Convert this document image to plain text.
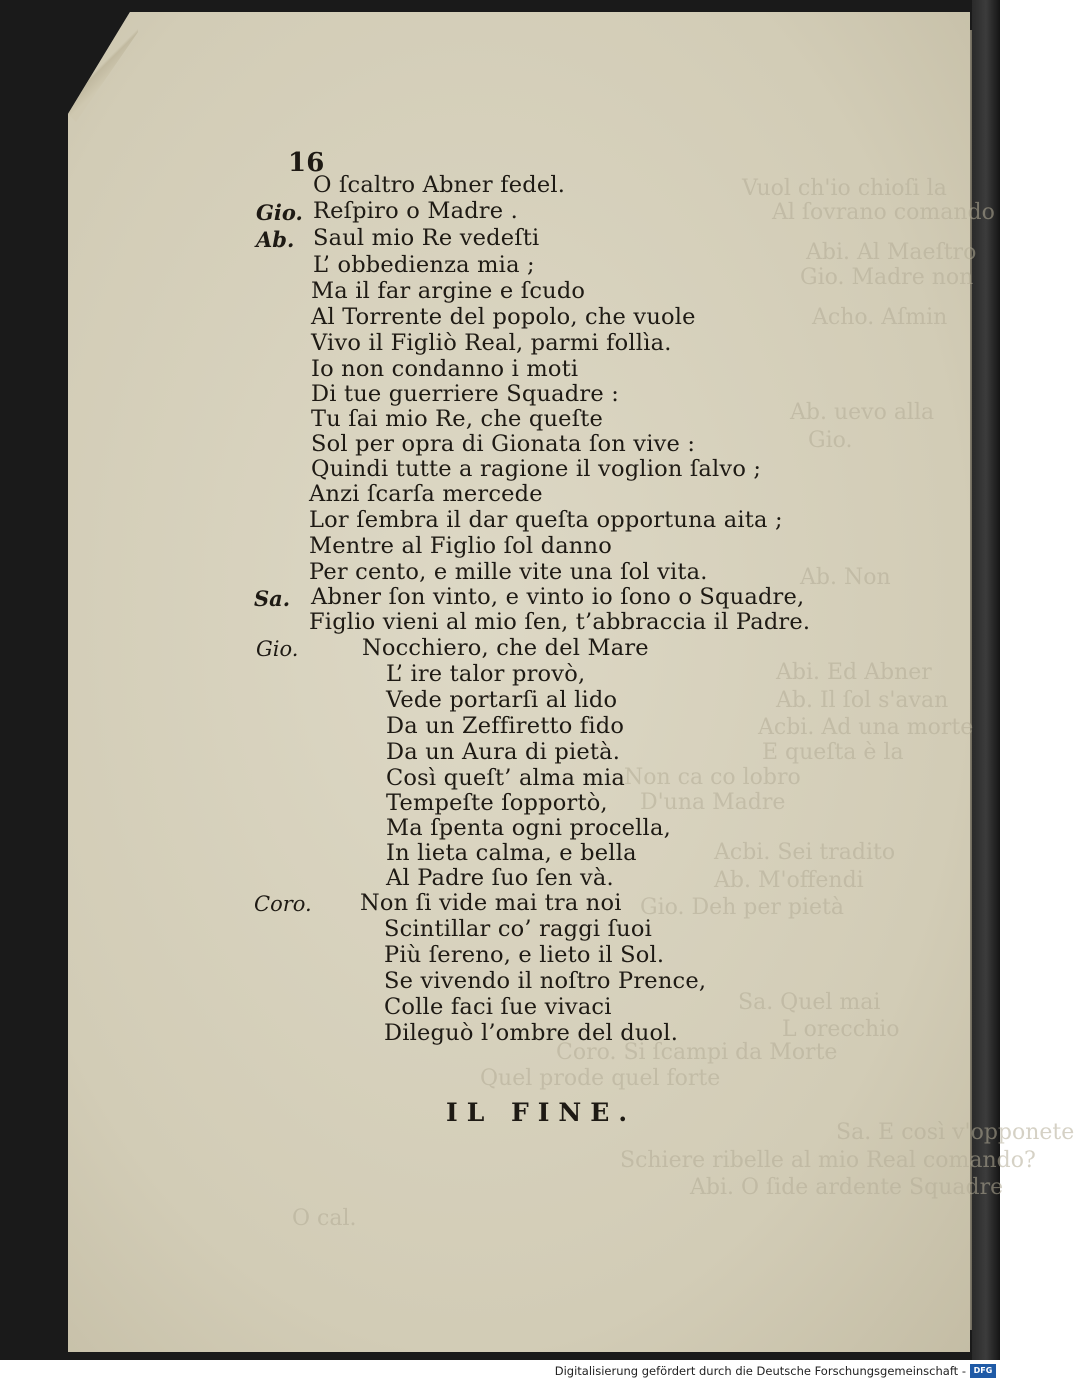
Vuol ch'io chioſi la
Al ſovrano comando
Abi. Al Maeſtro
Gio. Madre non
Acho. Aſmin
Ab. uevo alla
Gio.
Ab. Non
Abi. Ed Abner
Ab. Il ſol s'avan
Acbi. Ad una morte
E queſta è la
Non ca co lobro
D'una Madre
Acbi. Sei tradito
Ab. M'offendi
Gio. Deh per pietà
Sa. Quel mai
L orecchio
Coro. Si ſcampi da Morte
Quel prode quel forte
Sa. E così v'opponete
Schiere ribelle al mio Real comando?
Abi. O ſide ardente Squadre
O cal.
16
O ſcaltro Abner fedel.
Gio. Reſpiro o Madre .
Ab. Saul mio Re vedeſti
L’ obbedienza mia ;
Ma il far argine e ſcudo
Al Torrente del popolo, che vuole
Vivo il Figliò Real, parmi follìa.
Io non condanno i moti
Di tue guerriere Squadre :
Tu ſai mio Re, che queſte
Sol per opra di Gionata ſon vive :
Quindi tutte a ragione il voglion ſalvo ;
Anzi ſcarſa mercede
Lor ſembra il dar queſta opportuna aita ;
Mentre al Figlio ſol danno
Per cento, e mille vite una ſol vita.
Sa. Abner ſon vinto, e vinto io ſono o Squadre,
Figlio vieni al mio ſen, t’abbraccia il Padre.
Gio.	Nocchiero, che del Mare
L’ ire talor provò,
Vede portarſi al lido
Da un Zeffiretto fido
Da un Aura di pietà.
Così queſt’ alma mia
Tempeſte ſopportò,
Ma ſpenta ogni procella,
In lieta calma, e bella
Al Padre ſuo ſen và.
Coro. Non ſi vide mai tra noi
Scintillar co’ raggi ſuoi
Più ſereno, e lieto il Sol.
Se vivendo il noſtro Prence,
Colle faci ſue vivaci
Dileguò l’ombre del duol.
IL FINE.
Digitalisierung gefördert durch die Deutsche Forschungsgemeinschaft - DFG
